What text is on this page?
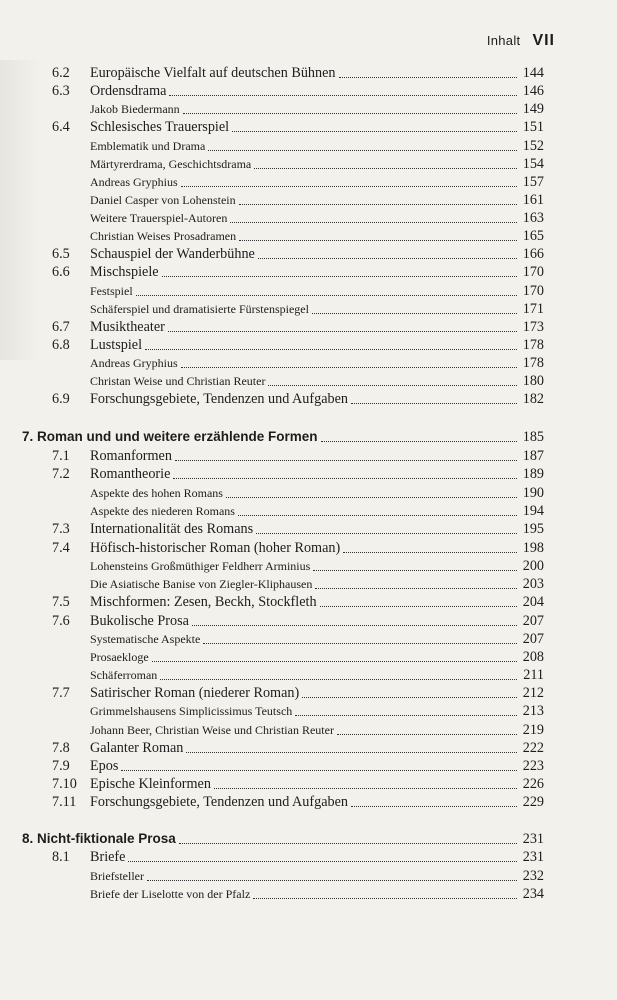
Inhalt VII
6.2	Europäische Vielfalt auf deutschen Bühnen	144
6.3	Ordensdrama	146
Jakob Biedermann	149
6.4	Schlesisches Trauerspiel	151
Emblematik und Drama	152
Märtyrerdrama, Geschichtsdrama	154
Andreas Gryphius	157
Daniel Casper von Lohenstein	161
Weitere Trauerspiel-Autoren	163
Christian Weises Prosadramen	165
6.5	Schauspiel der Wanderbühne	166
6.6	Mischspiele	170
Festspiel	170
Schäferspiel und dramatisierte Fürstenspiegel	171
6.7	Musiktheater	173
6.8	Lustspiel	178
Andreas Gryphius	178
Christan Weise und Christian Reuter	180
6.9	Forschungsgebiete, Tendenzen und Aufgaben	182
7. Roman und und weitere erzählende Formen	185
7.1	Romanformen	187
7.2	Romantheorie	189
Aspekte des hohen Romans	190
Aspekte des niederen Romans	194
7.3	Internationalität des Romans	195
7.4	Höfisch-historischer Roman (hoher Roman)	198
Lohensteins Großmüthiger Feldherr Arminius	200
Die Asiatische Banise von Ziegler-Kliphausen	203
7.5	Mischformen: Zesen, Beckh, Stockfleth	204
7.6	Bukolische Prosa	207
Systematische Aspekte	207
Prosaekloge	208
Schäferroman	211
7.7	Satirischer Roman (niederer Roman)	212
Grimmelshausens Simplicissimus Teutsch	213
Johann Beer, Christian Weise und Christian Reuter	219
7.8	Galanter Roman	222
7.9	Epos	223
7.10 Epische Kleinformen	226
7.11 Forschungsgebiete, Tendenzen und Aufgaben	229
8. Nicht-fiktionale Prosa	231
8.1	Briefe	231
Briefsteller	232
Briefe der Liselotte von der Pfalz	234
